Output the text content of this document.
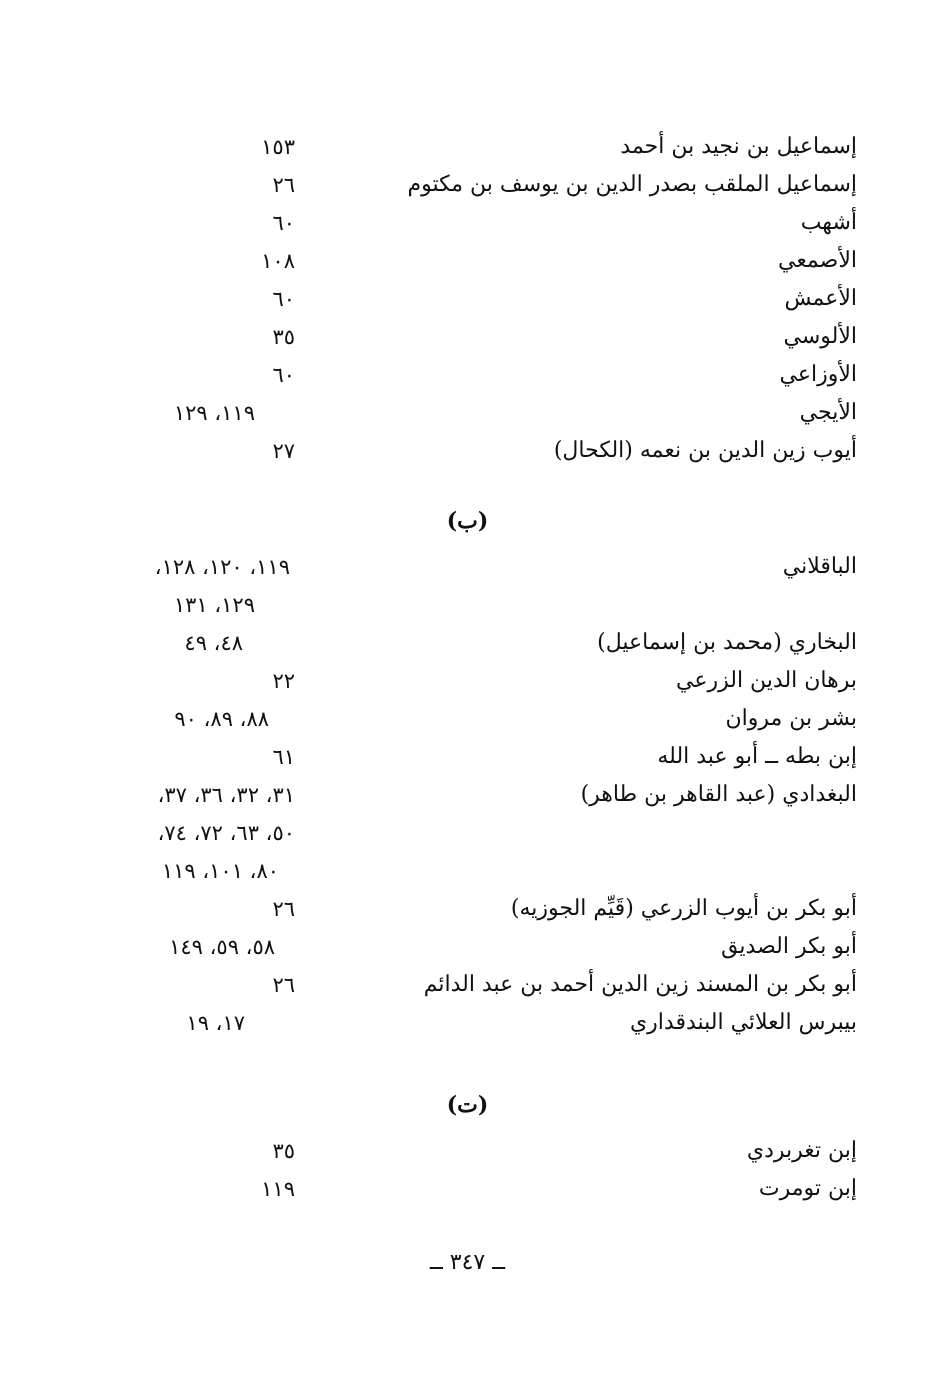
إسماعيل بن نجيد بن أحمد
١٥٣
إسماعيل الملقب بصدر الدين بن يوسف بن مكتوم
٢٦
أشهب
٦٠
الأصمعي
١٠٨
الأعمش
٦٠
الألوسي
٣٥
الأوزاعي
٦٠
الأيجي
١١٩، ١٢٩
أيوب زين الدين بن نعمه (الكحال)
٢٧
(ب)
الباقلاني
١١٩، ١٢٠، ١٢٨،
١٢٩، ١٣١
البخاري (محمد بن إسماعيل)
٤٨، ٤٩
برهان الدين الزرعي
٢٢
بشر بن مروان
٨٨، ٨٩، ٩٠
إبن بطه ــ أبو عبد الله
٦١
البغدادي (عبد القاهر بن طاهر)
٣١، ٣٢، ٣٦، ٣٧،
٥٠، ٦٣، ٧٢، ٧٤،
٨٠، ١٠١، ١١٩
أبو بكر بن أيوب الزرعي (قَيِّم الجوزيه)
٢٦
أبو بكر الصديق
٥٨، ٥٩، ١٤٩
أبو بكر بن المسند زين الدين أحمد بن عبد الدائم
٢٦
بيبرس العلائي البندقداري
١٧، ١٩
(ت)
إبن تغربردي
٣٥
إبن تومرت
١١٩
ــ ٣٤٧ ــ
